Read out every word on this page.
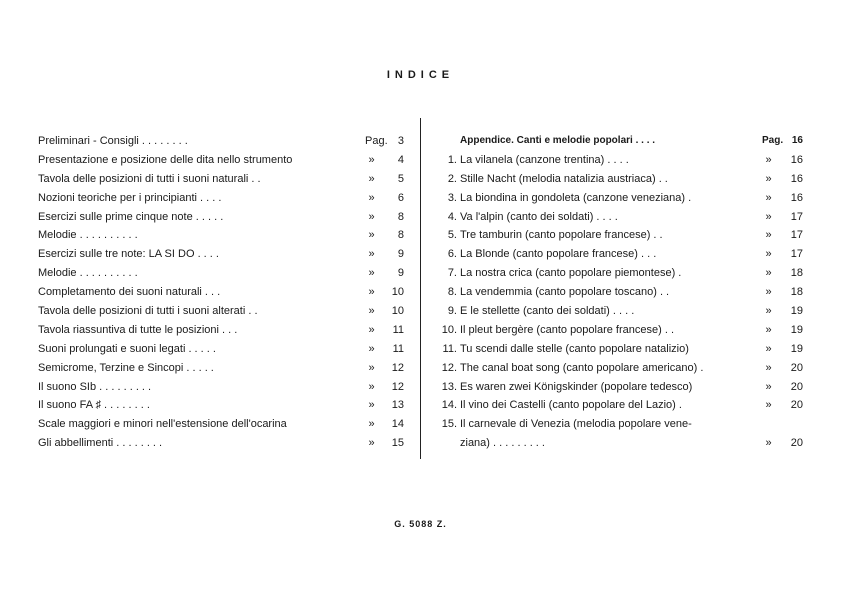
INDICE
Preliminari - Consigli . . . . . . . .	Pag. 3
Presentazione e posizione delle dita nello strumento	»	4
Tavola delle posizioni di tutti i suoni naturali . .	»	5
Nozioni teoriche per i principianti . . . .	»	6
Esercizi sulle prime cinque note . . . . .	»	8
Melodie . . . . . . . . . .	»	8
Esercizi sulle tre note: LA SI DO . . . .	»	9
Melodie . . . . . . . . . .	»	9
Completamento dei suoni naturali . . .	»	10
Tavola delle posizioni di tutti i suoni alterati . .	»	10
Tavola riassuntiva di tutte le posizioni . . .	»	11
Suoni prolungati e suoni legati . . . . .	»	11
Semicrome, Terzine e Sincopi . . . . .	»	12
Il suono SIb . . . . . . . . .	»	12
Il suono FA ♯ . . . . . . . .	»	13
Scale maggiori e minori nell'estensione dell'ocarina	»	14
Gli abbellimenti . . . . . . . .	»	15
Appendice. Canti e melodie popolari . . . .	Pag. 16
1. La vilanela (canzone trentina) . . . .	»	16
2. Stille Nacht (melodia natalizia austriaca) . .	»	16
3. La biondina in gondoleta (canzone veneziana) .	»	16
4. Va l'alpin (canto dei soldati) . . . .	»	17
5. Tre tamburin (canto popolare francese) . .	»	17
6. La Blonde (canto popolare francese) . . .	»	17
7. La nostra crica (canto popolare piemontese) .	»	18
8. La vendemmia (canto popolare toscano) . .	»	18
9. E le stellette (canto dei soldati) . . . .	»	19
10. Il pleut bergère (canto popolare francese) . .	»	19
11. Tu scendi dalle stelle (canto popolare natalizio)	»	19
12. The canal boat song (canto popolare americano) .	»	20
13. Es waren zwei Königskinder (popolare tedesco)	»	20
14. Il vino dei Castelli (canto popolare del Lazio) .	»	20
15. Il carnevale di Venezia (melodia popolare vene-
ziana) . . . . . . . . .	»	20
G. 5088 Z.
